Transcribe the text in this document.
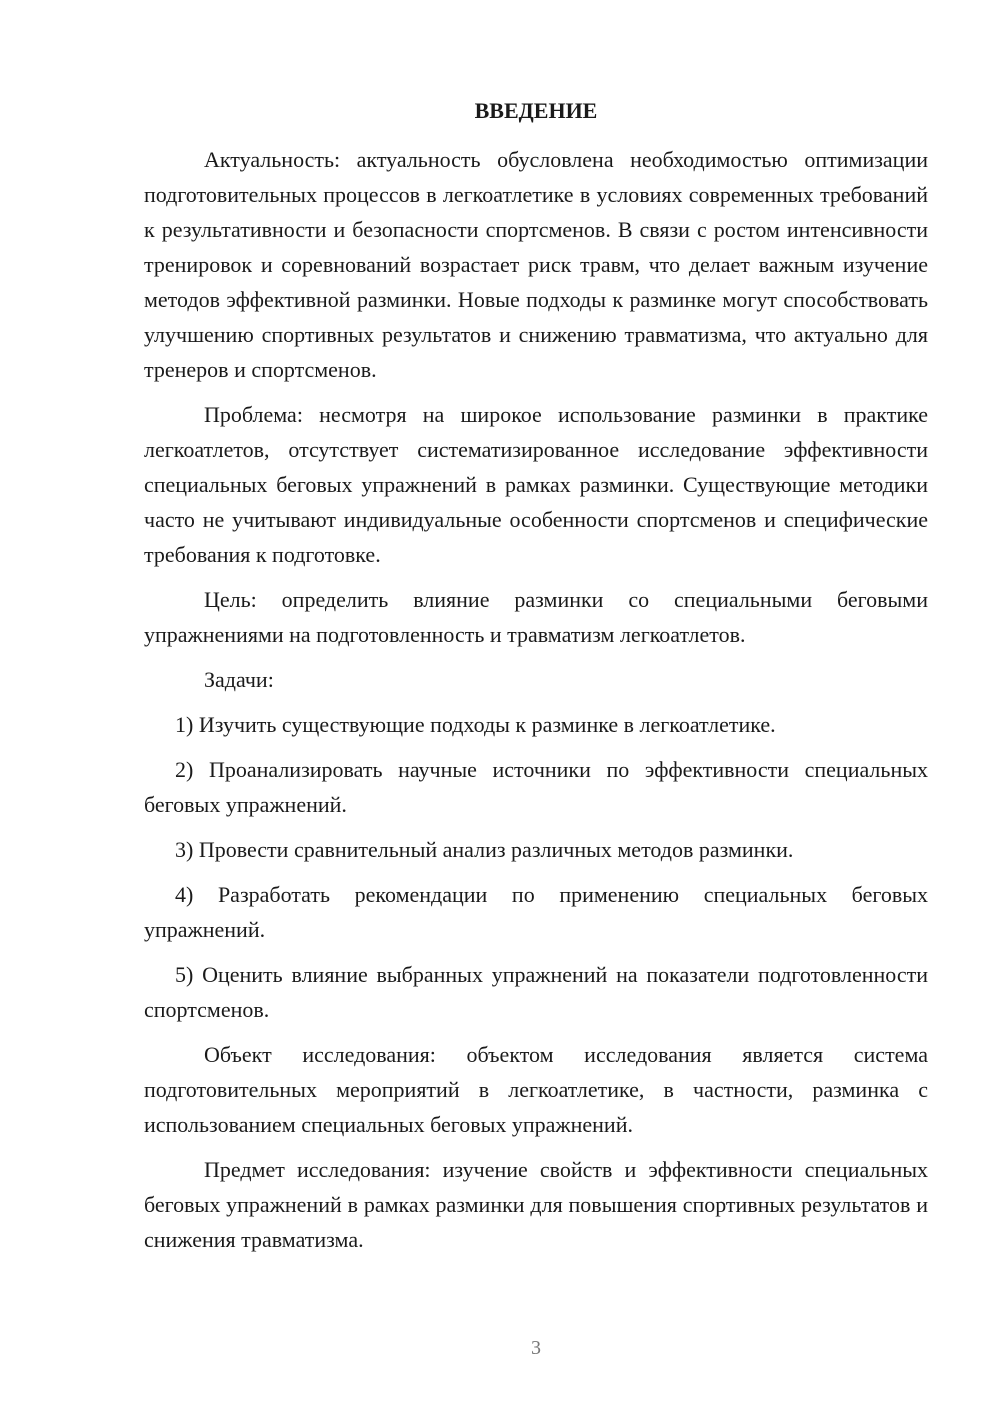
ВВЕДЕНИЕ

Актуальность: актуальность обусловлена необходимостью оптимизации подготовительных процессов в легкоатлетике в условиях современных требований к результативности и безопасности спортсменов. В связи с ростом интенсивности тренировок и соревнований возрастает риск травм, что делает важным изучение методов эффективной разминки. Новые подходы к разминке могут способствовать улучшению спортивных результатов и снижению травматизма, что актуально для тренеров и спортсменов.

Проблема: несмотря на широкое использование разминки в практике легкоатлетов, отсутствует систематизированное исследование эффективности специальных беговых упражнений в рамках разминки. Существующие методики часто не учитывают индивидуальные особенности спортсменов и специфические требования к подготовке.

Цель: определить влияние разминки со специальными беговыми упражнениями на подготовленность и травматизм легкоатлетов.

Задачи:

1) Изучить существующие подходы к разминке в легкоатлетике.

2) Проанализировать научные источники по эффективности специальных беговых упражнений.

3) Провести сравнительный анализ различных методов разминки.

4) Разработать рекомендации по применению специальных беговых упражнений.

5) Оценить влияние выбранных упражнений на показатели подготовленности спортсменов.

Объект исследования: объектом исследования является система подготовительных мероприятий в легкоатлетике, в частности, разминка с использованием специальных беговых упражнений.

Предмет исследования: изучение свойств и эффективности специальных беговых упражнений в рамках разминки для повышения спортивных результатов и снижения травматизма.

3
